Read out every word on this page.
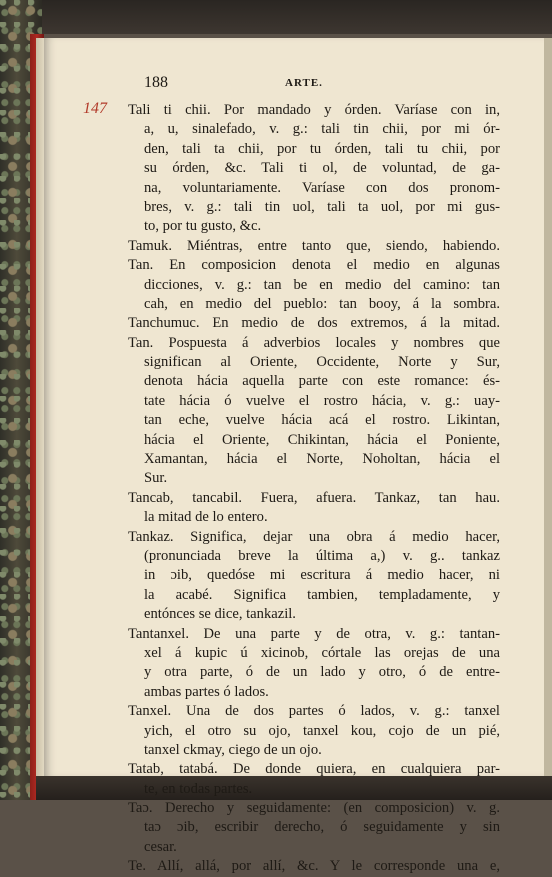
147
188	ARTE.
Tali ti chii. Por mandado y órden. Varíase con in,
a, u, sinalefado, v. g.: tali tin chii, por mi ór-
den, tali ta chii, por tu órden, tali tu chii, por
su órden, &c. Tali ti ol, de voluntad, de ga-
na, voluntariamente. Varíase con dos pronom-
bres, v. g.: tali tin uol, tali ta uol, por mi gus-
to, por tu gusto, &c.
Tamuk. Miéntras, entre tanto que, siendo, habiendo.
Tan. En composicion denota el medio en algunas
dicciones, v. g.: tan be en medio del camino: tan
cah, en medio del pueblo: tan booy, á la sombra.
Tanchumuc. En medio de dos extremos, á la mitad.
Tan. Pospuesta á adverbios locales y nombres que
significan al Oriente, Occidente, Norte y Sur,
denota hácia aquella parte con este romance: és-
tate hácia ó vuelve el rostro hácia, v. g.: uay-
tan eche, vuelve hácia acá el rostro. Likintan,
hácia el Oriente, Chikintan, hácia el Poniente,
Xamantan, hácia el Norte, Noholtan, hácia el
Sur.
Tancab, tancabil. Fuera, afuera. Tankaz, tan hau.
la mitad de lo entero.
Tankaz. Significa, dejar una obra á medio hacer,
(pronunciada breve la última a,) v. g.. tankaz
in ɔib, quedóse mi escritura á medio hacer, ni
la acabé. Significa tambien, templadamente, y
entónces se dice, tankazil.
Tantanxel. De una parte y de otra, v. g.: tantan-
xel á kupic ú xicinob, córtale las orejas de una
y otra parte, ó de un lado y otro, ó de entre-
ambas partes ó lados.
Tanxel. Una de dos partes ó lados, v. g.: tanxel
yich, el otro su ojo, tanxel kou, cojo de un pié,
tanxel ckmay, ciego de un ojo.
Tatab, tatabá. De donde quiera, en cualquiera par-
te, en todas partes.
Taɔ. Derecho y seguidamente: (en composicion) v. g.
taɔ ɔib, escribir derecho, ó seguidamente y sin
cesar.
Te. Allí, allá, por allí, &c. Y le corresponde una e,
